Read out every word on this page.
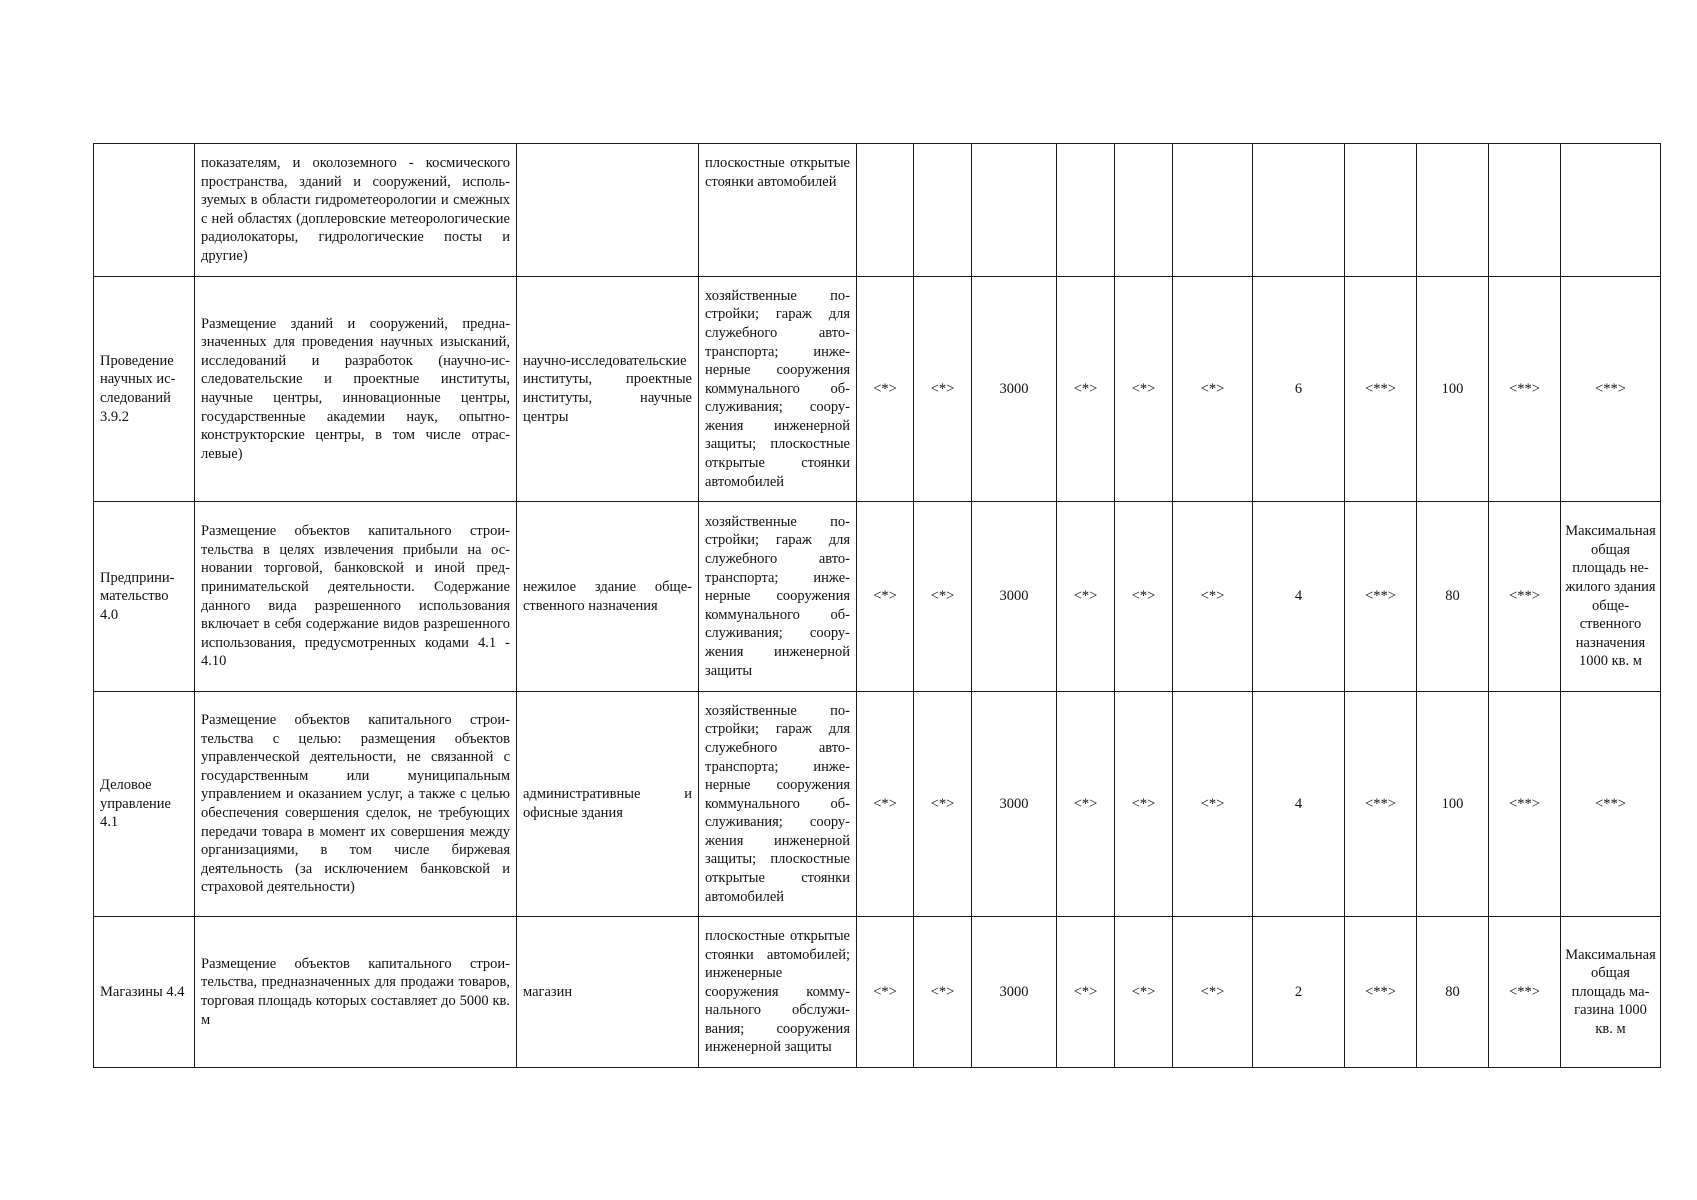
	показателям, и околоземного - космического пространства, зданий и сооружений, используемых в области гидрометеорологии и смежных с ней областях (доплеровские метеорологические радиолокаторы, гидрологические посты и другие)		плоскостные открытые стоянки автомобилей											
Проведение научных исследований 3.9.2	Размещение зданий и сооружений, предназначенных для проведения научных изысканий, исследований и разработок (научно-исследовательские и проектные институты, научные центры, инновационные центры, государственные академии наук, опытно-конструкторские центры, в том числе отраслевые)	научно-исследовательские институты, проектные институты, научные центры	хозяйственные постройки; гараж для служебного автотранспорта; инженерные сооружения коммунального обслуживания; сооружения инженерной защиты; плоскостные открытые стоянки автомобилей	<*>	<*>	3000	<*>	<*>	<*>	6	<**>	100	<**>	<**>
Предпринимательство 4.0	Размещение объектов капитального строительства в целях извлечения прибыли на основании торговой, банковской и иной предпринимательской деятельности. Содержание данного вида разрешенного использования включает в себя содержание видов разрешенного использования, предусмотренных кодами 4.1 - 4.10	нежилое здание общественного назначения	хозяйственные постройки; гараж для служебного автотранспорта; инженерные сооружения коммунального обслуживания; сооружения инженерной защиты	<*>	<*>	3000	<*>	<*>	<*>	4	<**>	80	<**>	Максимальная общая площадь нежилого здания общественного назначения 1000 кв. м
Деловое управление 4.1	Размещение объектов капитального строительства с целью: размещения объектов управленческой деятельности, не связанной с государственным или муниципальным управлением и оказанием услуг, а также с целью обеспечения совершения сделок, не требующих передачи товара в момент их совершения между организациями, в том числе биржевая деятельность (за исключением банковской и страховой деятельности)	административные и офисные здания	хозяйственные постройки; гараж для служебного автотранспорта; инженерные сооружения коммунального обслуживания; сооружения инженерной защиты; плоскостные открытые стоянки автомобилей	<*>	<*>	3000	<*>	<*>	<*>	4	<**>	100	<**>	<**>
Магазины 4.4	Размещение объектов капитального строительства, предназначенных для продажи товаров, торговая площадь которых составляет до 5000 кв. м	магазин	плоскостные открытые стоянки автомобилей; инженерные сооружения коммунального обслуживания; сооружения инженерной защиты	<*>	<*>	3000	<*>	<*>	<*>	2	<**>	80	<**>	Максимальная общая площадь магазина 1000 кв. м
